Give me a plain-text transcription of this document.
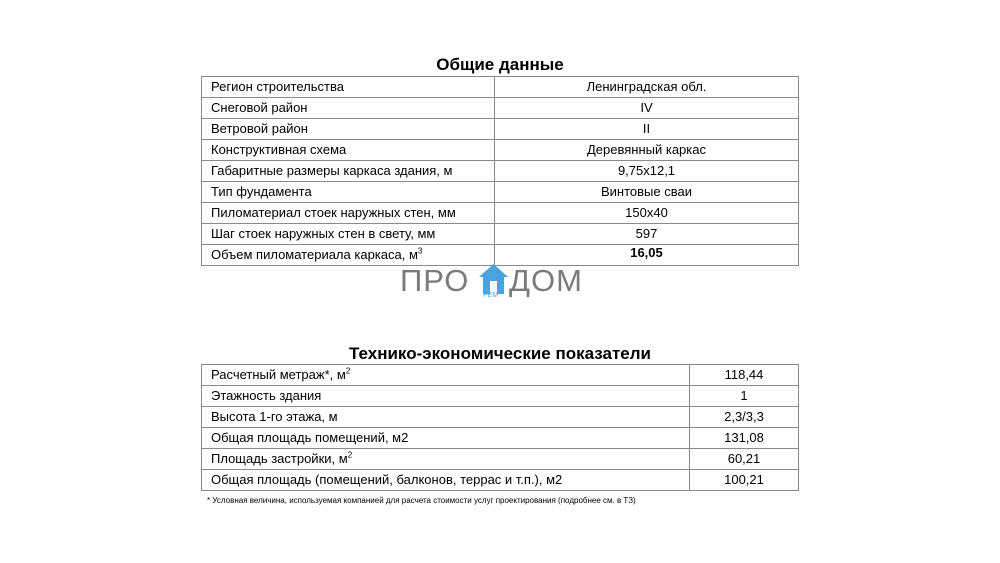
Общие данные
Регион строительства	Ленинградская обл.
Снеговой район	IV
Ветровой район	II
Конструктивная схема	Деревянный каркас
Габаритные размеры каркаса здания, м	9,75х12,1
Тип фундамента	Винтовые сваи
Пиломатериал стоек наружных стен, мм	150х40
Шаг стоек наружных стен в свету, мм	597
Объем пиломатериала каркаса, $м^3$	16,05
ПРО РЕМ ДОМ
Технико-экономические показатели
Расчетный метраж*, $м^2$	118,44
Этажность здания	1
Высота 1-го этажа, м	2,3/3,3
Общая площадь помещений, м2	131,08
Площадь застройки, $м^2$	60,21
Общая площадь (помещений, балконов, террас и т.п.), м2	100,21
* Условная величина, используемая компанией для расчета стоимости услуг проектирования (подробнее см. в ТЗ)
